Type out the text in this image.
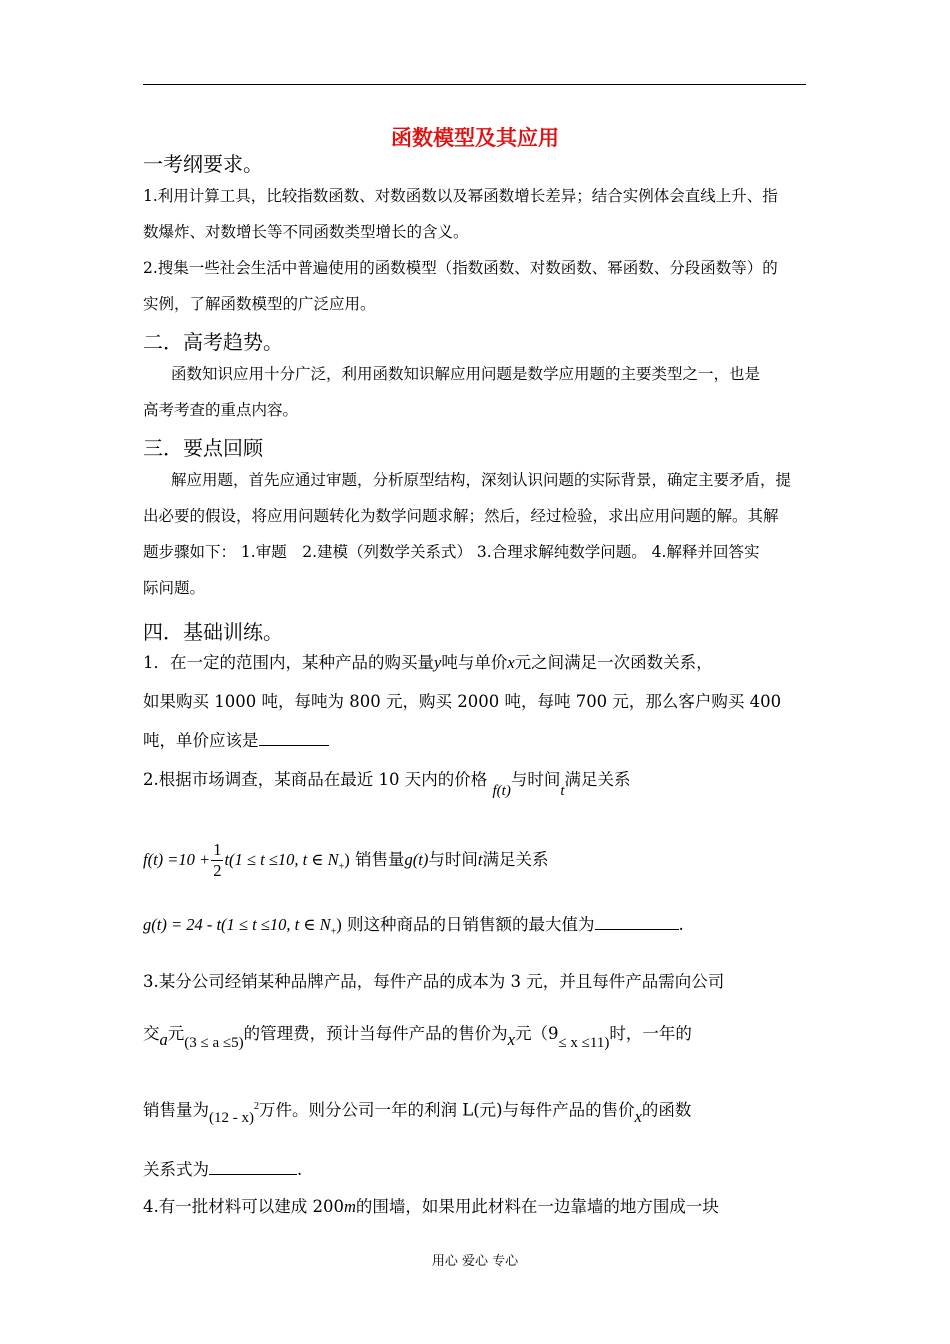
函数模型及其应用
一考纲要求。
1.利用计算工具，比较指数函数、对数函数以及幂函数增长差异；结合实例体会直线上升、指
数爆炸、对数增长等不同函数类型增长的含义。
2.搜集一些社会生活中普遍使用的函数模型（指数函数、对数函数、幂函数、分段函数等）的
实例，了解函数模型的广泛应用。
二．高考趋势。
函数知识应用十分广泛，利用函数知识解应用问题是数学应用题的主要类型之一，也是
高考考查的重点内容。
三．要点回顾
解应用题，首先应通过审题，分析原型结构，深刻认识问题的实际背景，确定主要矛盾，提
出必要的假设，将应用问题转化为数学问题求解；然后，经过检验，求出应用问题的解。其解
题步骤如下： 1.审题　2.建模（列数学关系式） 3.合理求解纯数学问题。 4.解释并回答实
际问题。
四．基础训练。
1．在一定的范围内，某种产品的购买量y吨与单价x元之间满足一次函数关系，
如果购买 1000 吨，每吨为 800 元，购买 2000 吨，每吨 700 元，那么客户购买 400
吨，单价应该是
2.根据市场调查，某商品在最近 10 天内的价格 f(t)与时间t满足关系
$f(t) =10 + \frac{1}{2} t(1 \le t \le 10$, t ∈ $N_+$) 销售量g(t)与时间t满足关系
g(t) = 24 - t(1 ≤ t ≤10, t ∈ $N_+$) 则这种商品的日销售额的最大值为	.
3.某分公司经销某种品牌产品，每件产品的成本为 3 元，并且每件产品需向公司
交a元(3 ≤ a ≤5)的管理费，预计当每件产品的售价为x元（9≤ x ≤11)时，一年的
销售量为(12 - x)$^2$万件。则分公司一年的利润 L(元)与每件产品的售价x的函数
关系式为	.
4.有一批材料可以建成 200m的围墙，如果用此材料在一边靠墙的地方围成一块
用心 爱心 专心
